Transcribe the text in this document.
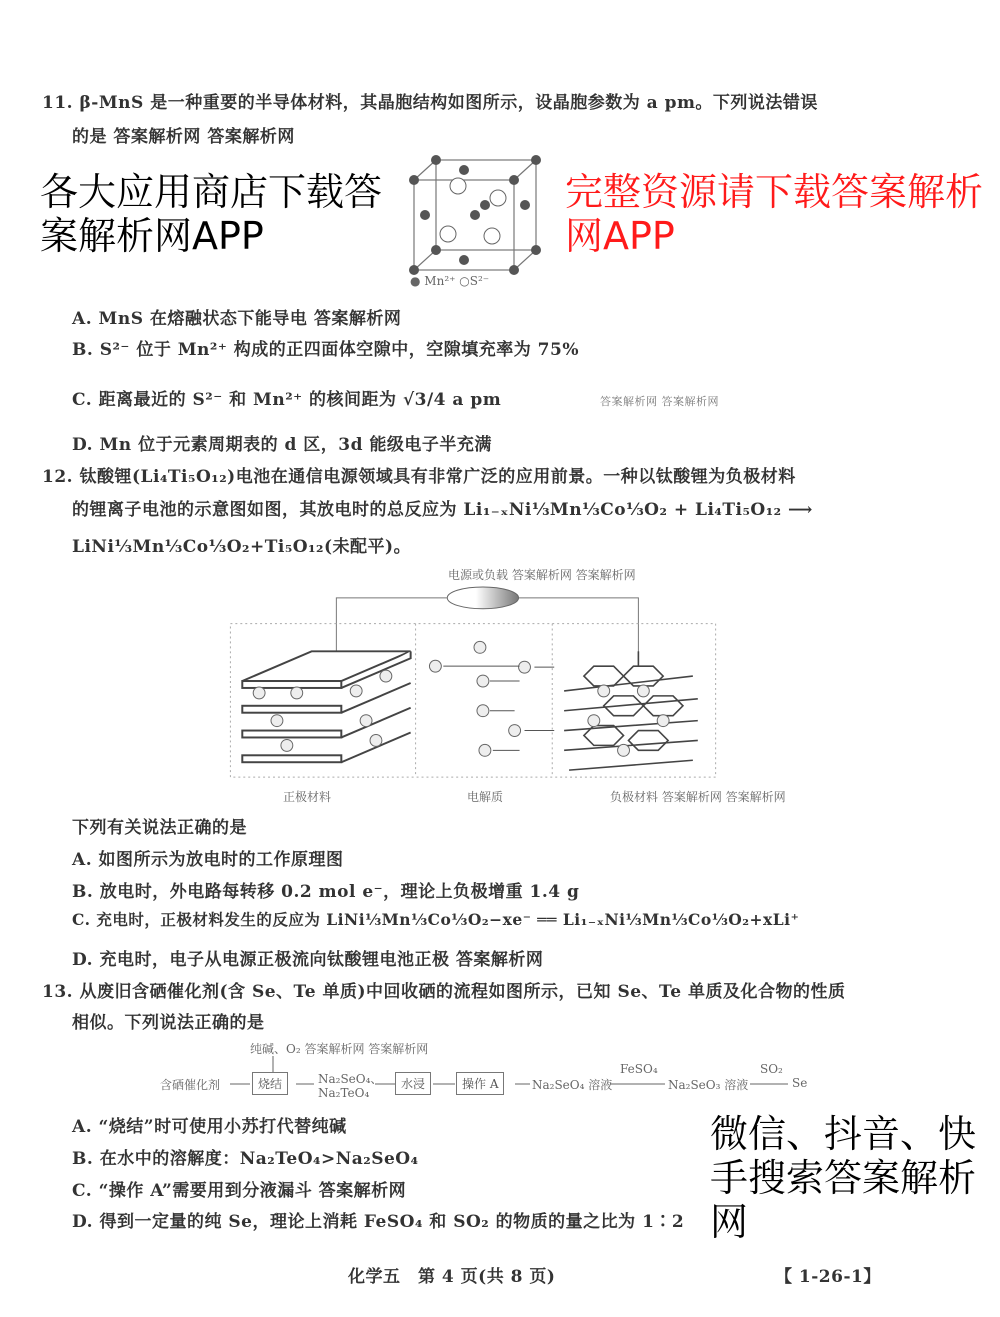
11. β-MnS 是一种重要的半导体材料，其晶胞结构如图所示，设晶胞参数为 a pm。下列说法错误
的是 答案解析网 答案解析网
● Mn²⁺ ○S²⁻
A. MnS 在熔融状态下能导电 答案解析网
B. S²⁻ 位于 Mn²⁺ 构成的正四面体空隙中，空隙填充率为 75%
C. 距离最近的 S²⁻ 和 Mn²⁺ 的核间距为 √3/4 a pm	答案解析网 答案解析网
D. Mn 位于元素周期表的 d 区，3d 能级电子半充满
12. 钛酸锂(Li₄Ti₅O₁₂)电池在通信电源领域具有非常广泛的应用前景。一种以钛酸锂为负极材料
的锂离子电池的示意图如图，其放电时的总反应为 Li₁₋ₓNi⅓Mn⅓Co⅓O₂ + Li₄Ti₅O₁₂ ⟶
LiNi⅓Mn⅓Co⅓O₂+Ti₅O₁₂(未配平)。
电源或负载 答案解析网 答案解析网
正极材料	电解质	负极材料 答案解析网 答案解析网
下列有关说法正确的是
A. 如图所示为放电时的工作原理图
B. 放电时，外电路每转移 0.2 mol e⁻，理论上负极增重 1.4 g
C. 充电时，正极材料发生的反应为 LiNi⅓Mn⅓Co⅓O₂−xe⁻ ══ Li₁₋ₓNi⅓Mn⅓Co⅓O₂+xLi⁺
D. 充电时，电子从电源正极流向钛酸锂电池正极 答案解析网
13. 从废旧含硒催化剂(含 Se、Te 单质)中回收硒的流程如图所示，已知 Se、Te 单质及化合物的性质
相似。下列说法正确的是
纯碱、O₂ 答案解析网 答案解析网
含硒催化剂	烧结	Na₂SeO₄、
Na₂TeO₄
水浸	操作 A	Na₂SeO₄ 溶液
FeSO₄
Na₂SeO₃ 溶液
SO₂
Se
A. “烧结”时可使用小苏打代替纯碱
B. 在水中的溶解度：Na₂TeO₄>Na₂SeO₄
C. “操作 A”需要用到分液漏斗 答案解析网
D. 得到一定量的纯 Se，理论上消耗 FeSO₄ 和 SO₂ 的物质的量之比为 1∶2
化学五　第 4 页(共 8 页)	【 1-26-1】
各大应用商店下载答案解析网APP
完整资源请下载答案解析网APP
微信、抖音、快手搜索答案解析网
